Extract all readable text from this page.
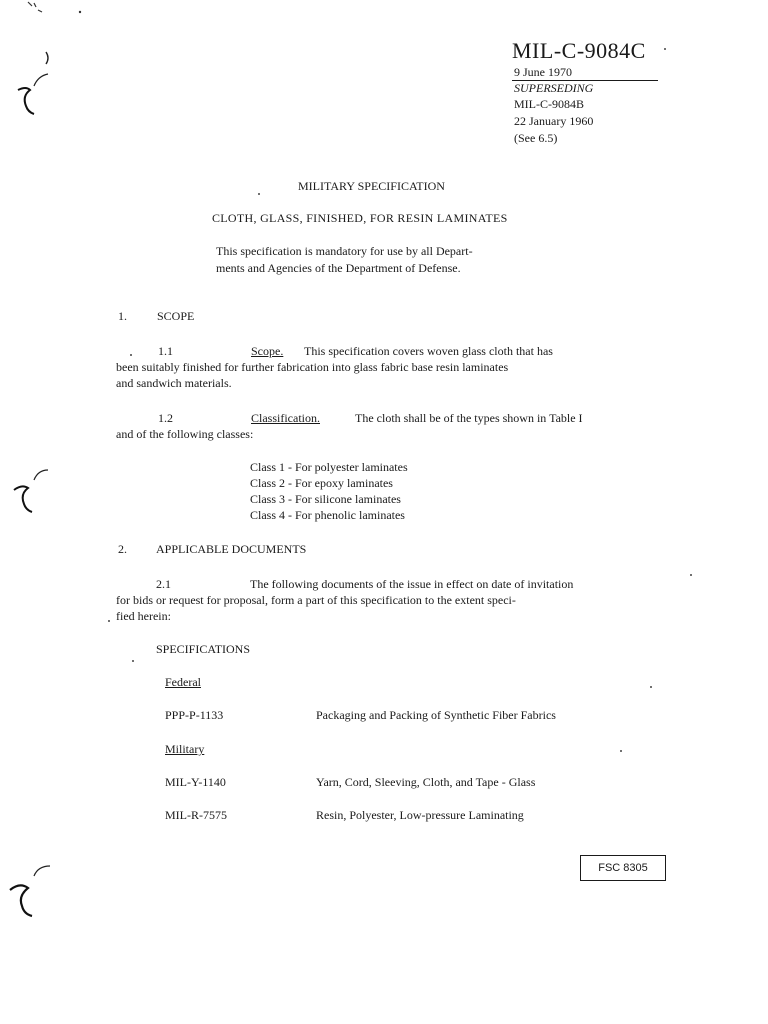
MIL-C-9084C
9 June 1970
SUPERSEDING
MIL-C-9084B
22 January 1960
(See 6.5)
MILITARY SPECIFICATION
CLOTH, GLASS, FINISHED, FOR RESIN LAMINATES
This specification is mandatory for use by all Depart-
ments and Agencies of the Department of Defense.
1.	SCOPE
1.1	Scope. This specification covers woven glass cloth that has
been suitably finished for further fabrication into glass fabric base resin laminates
and sandwich materials.
1.2	Classification.	The cloth shall be of the types shown in Table I
and of the following classes:
Class 1 - For polyester laminates
Class 2 - For epoxy laminates
Class 3 - For silicone laminates
Class 4 - For phenolic laminates
2. APPLICABLE DOCUMENTS
2.1	The following documents of the issue in effect on date of invitation
for bids or request for proposal, form a part of this specification to the extent speci-
fied herein:
SPECIFICATIONS
Federal
PPP-P-1133	Packaging and Packing of Synthetic Fiber Fabrics
Military
MIL-Y-1140	Yarn, Cord, Sleeving, Cloth, and Tape - Glass
MIL-R-7575	Resin, Polyester, Low-pressure Laminating
FSC 8305
